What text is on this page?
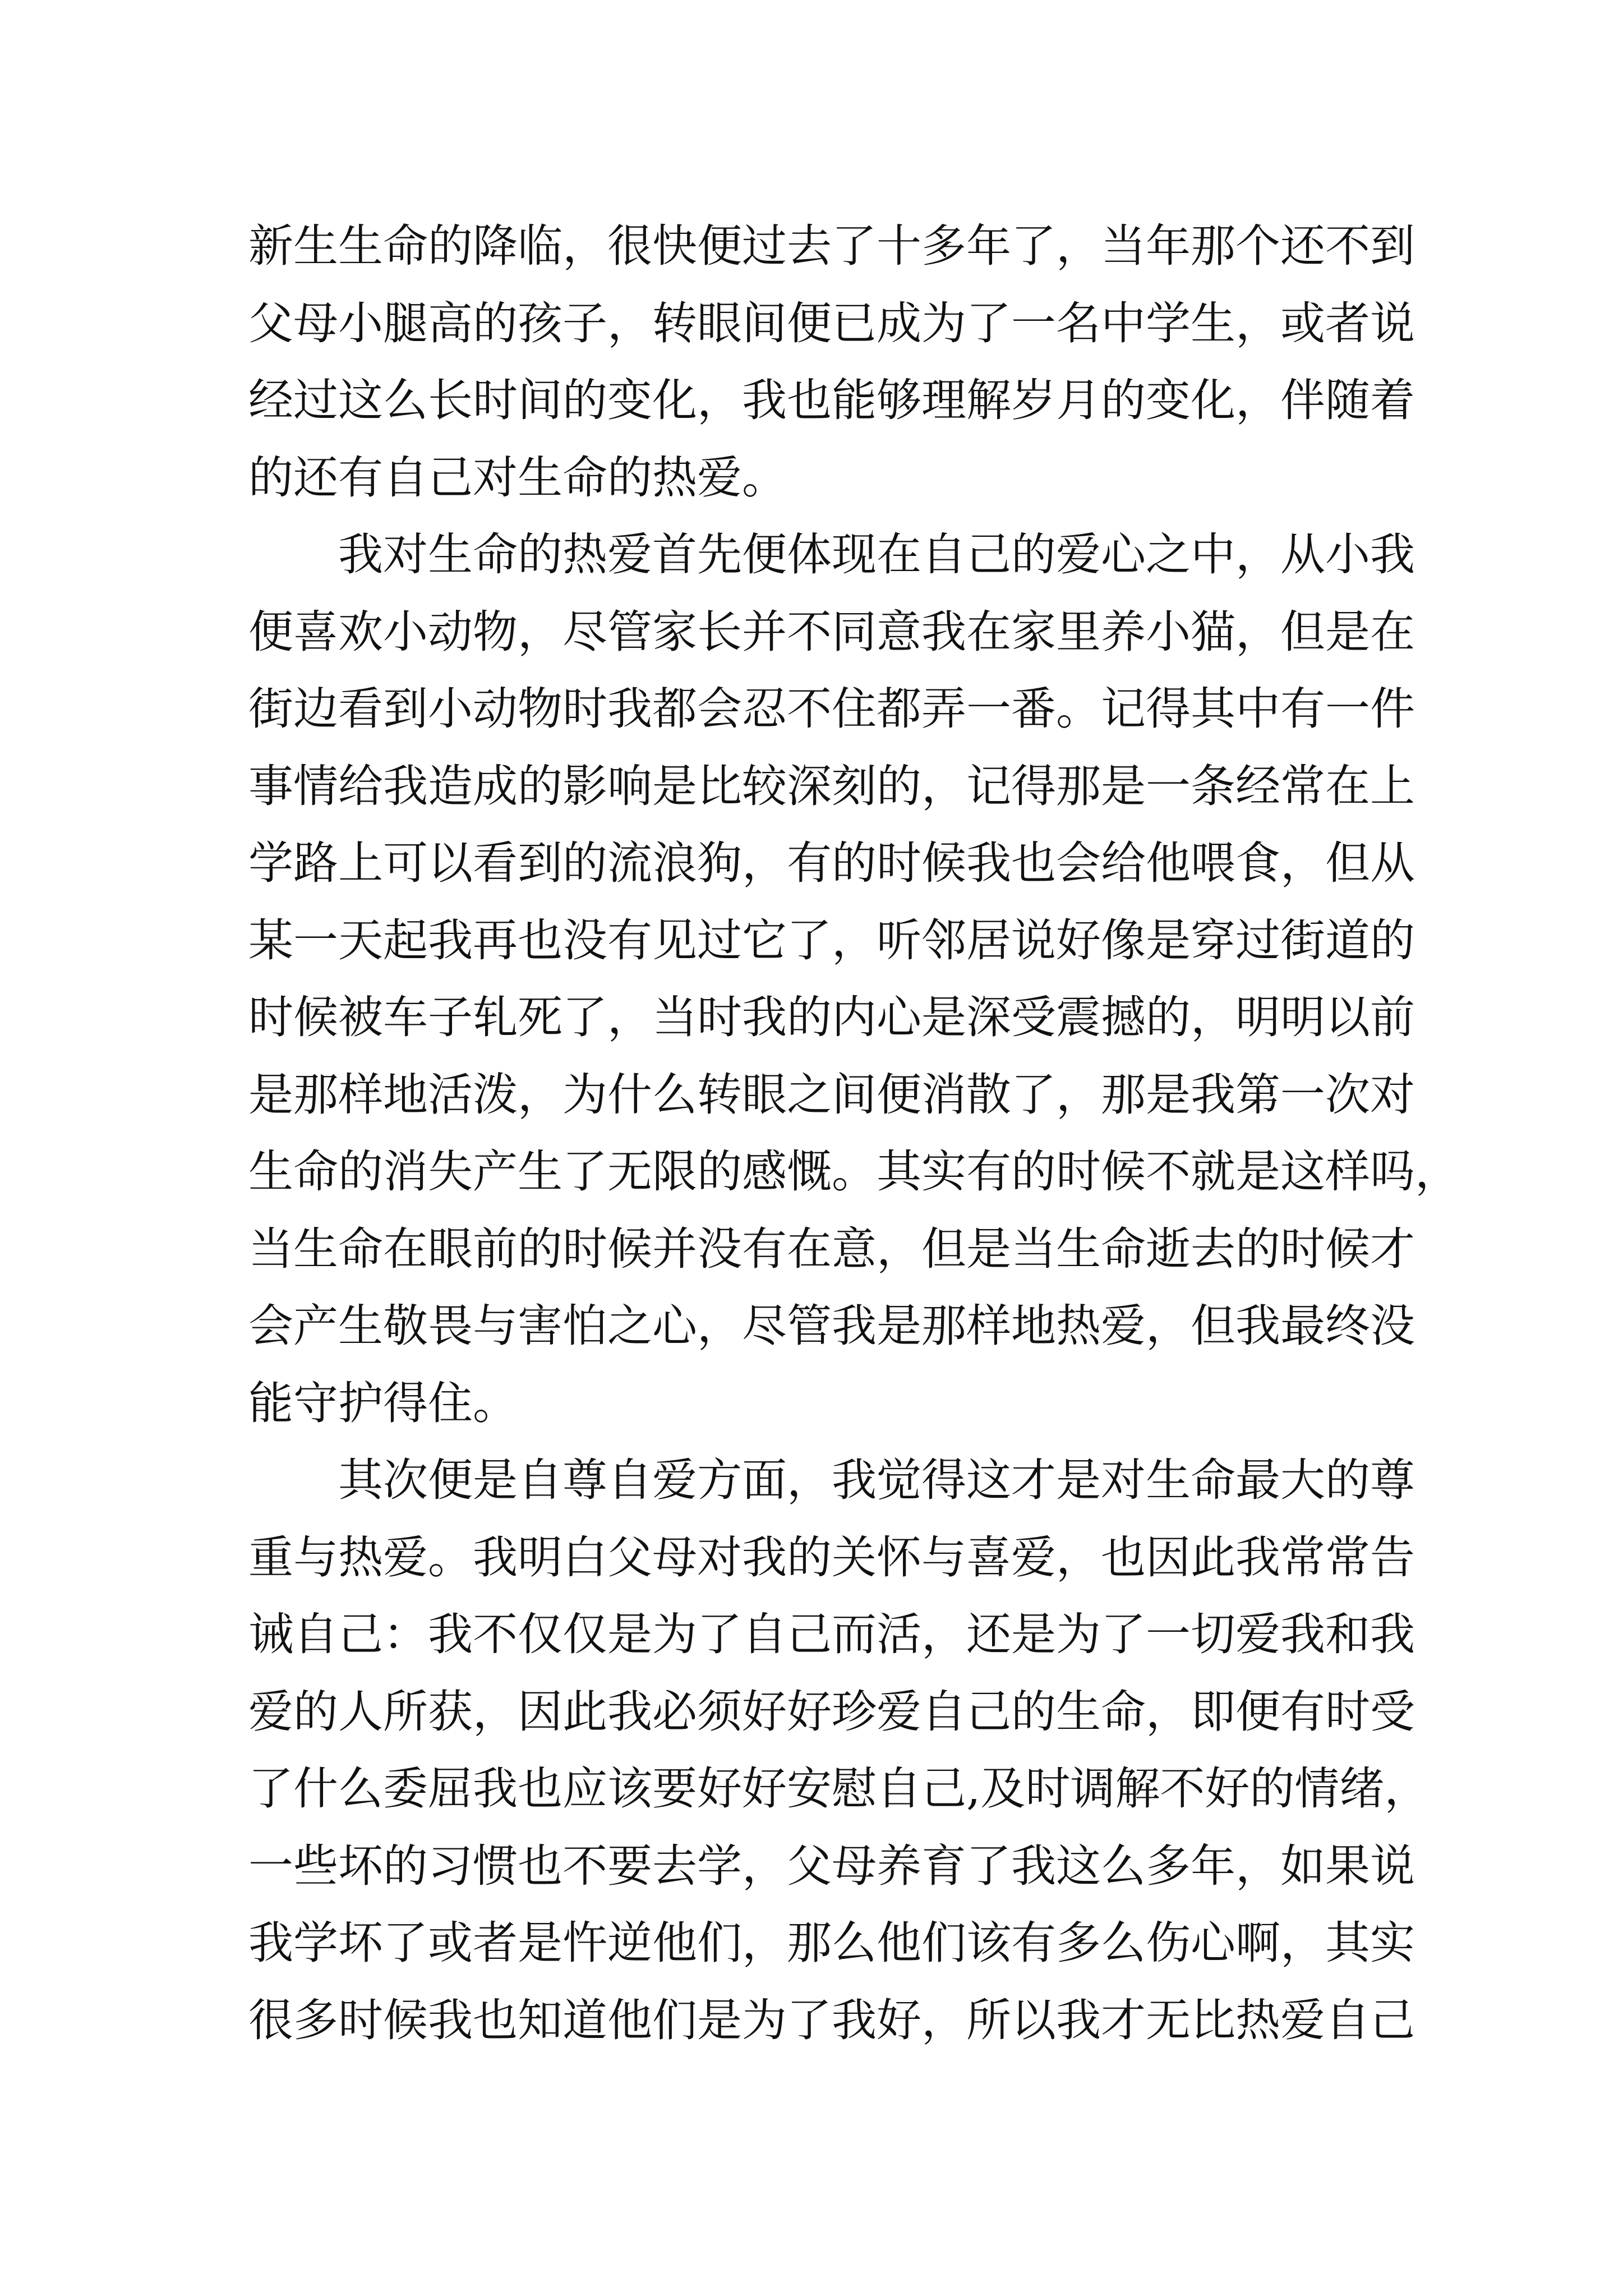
新生生命的降临，很快便过去了十多年了，当年那个还不到
父母小腿高的孩子，转眼间便已成为了一名中学生，或者说
经过这么长时间的变化，我也能够理解岁月的变化，伴随着
的还有自己对生命的热爱。
我对生命的热爱首先便体现在自己的爱心之中，从小我
便喜欢小动物，尽管家长并不同意我在家里养小猫，但是在
街边看到小动物时我都会忍不住都弄一番。记得其中有一件
事情给我造成的影响是比较深刻的，记得那是一条经常在上
学路上可以看到的流浪狗，有的时候我也会给他喂食，但从
某一天起我再也没有见过它了，听邻居说好像是穿过街道的
时候被车子轧死了，当时我的内心是深受震撼的，明明以前
是那样地活泼，为什么转眼之间便消散了，那是我第一次对
生命的消失产生了无限的感慨。其实有的时候不就是这样吗，
当生命在眼前的时候并没有在意，但是当生命逝去的时候才
会产生敬畏与害怕之心，尽管我是那样地热爱，但我最终没
能守护得住。
其次便是自尊自爱方面，我觉得这才是对生命最大的尊
重与热爱。我明白父母对我的关怀与喜爱，也因此我常常告
诫自己：我不仅仅是为了自己而活，还是为了一切爱我和我
爱的人所获，因此我必须好好珍爱自己的生命，即便有时受
了什么委屈我也应该要好好安慰自己,及时调解不好的情绪，
一些坏的习惯也不要去学，父母养育了我这么多年，如果说
我学坏了或者是忤逆他们，那么他们该有多么伤心啊，其实
很多时候我也知道他们是为了我好，所以我才无比热爱自己
